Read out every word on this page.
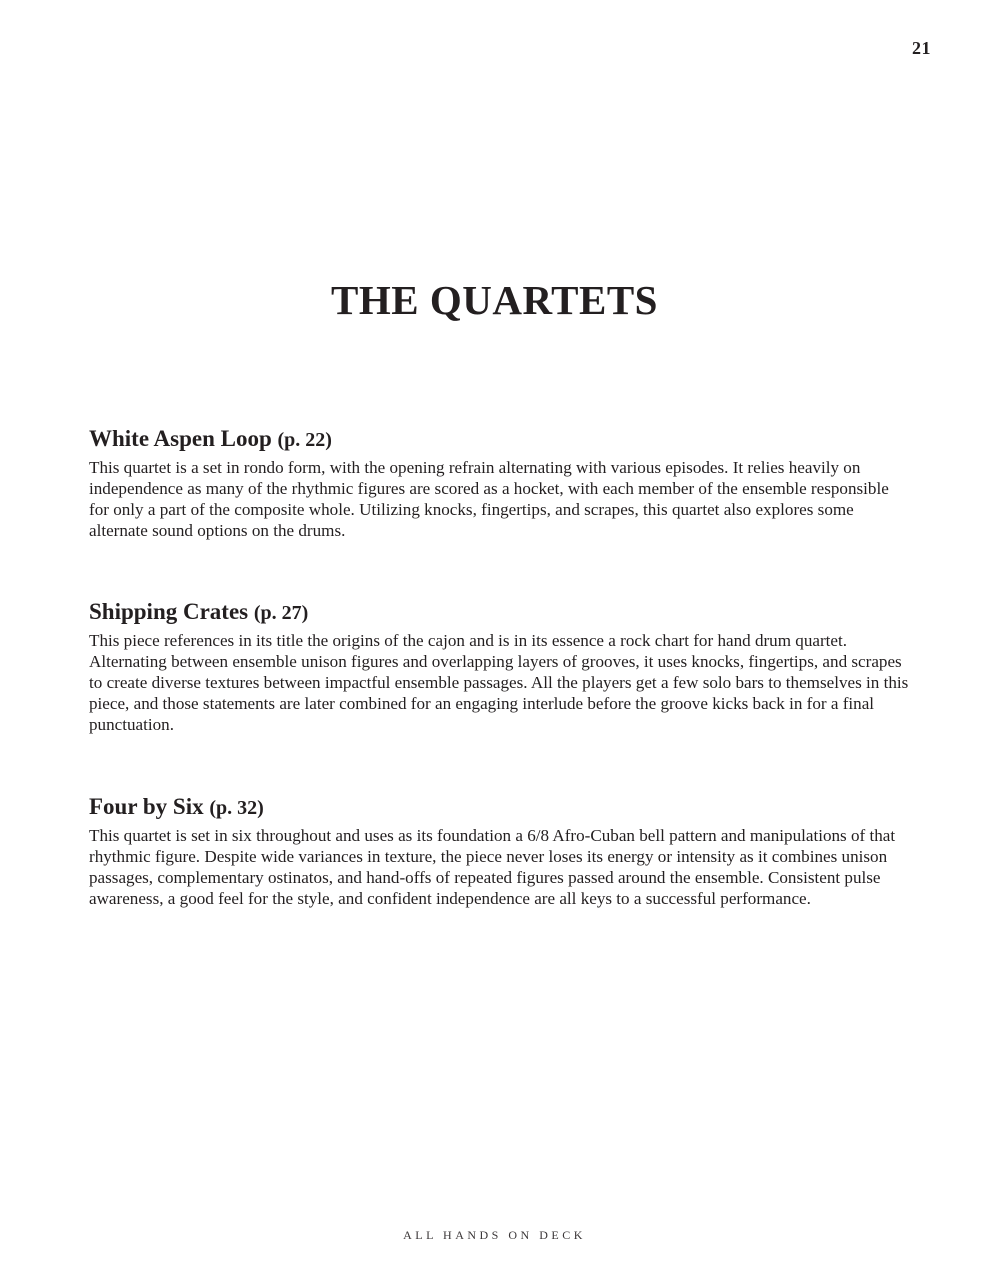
21
THE QUARTETS
White Aspen Loop (p. 22)

This quartet is a set in rondo form, with the opening refrain alternating with various episodes. It relies heavily on independence as many of the rhythmic figures are scored as a hocket, with each member of the ensemble responsible for only a part of the composite whole. Utilizing knocks, fingertips, and scrapes, this quartet also explores some alternate sound options on the drums.

Shipping Crates (p. 27)

This piece references in its title the origins of the cajon and is in its essence a rock chart for hand drum quartet. Alternating between ensemble unison figures and overlapping layers of grooves, it uses knocks, fingertips, and scrapes to create diverse textures between impactful ensemble passages. All the players get a few solo bars to themselves in this piece, and those statements are later combined for an engaging interlude before the groove kicks back in for a final punctuation.

Four by Six (p. 32)

This quartet is set in six throughout and uses as its foundation a 6/8 Afro-Cuban bell pattern and manipulations of that rhythmic figure. Despite wide variances in texture, the piece never loses its energy or intensity as it combines unison passages, complementary ostinatos, and hand-offs of repeated figures passed around the ensemble. Consistent pulse awareness, a good feel for the style, and confident independence are all keys to a successful performance.

ALL HANDS ON DECK
